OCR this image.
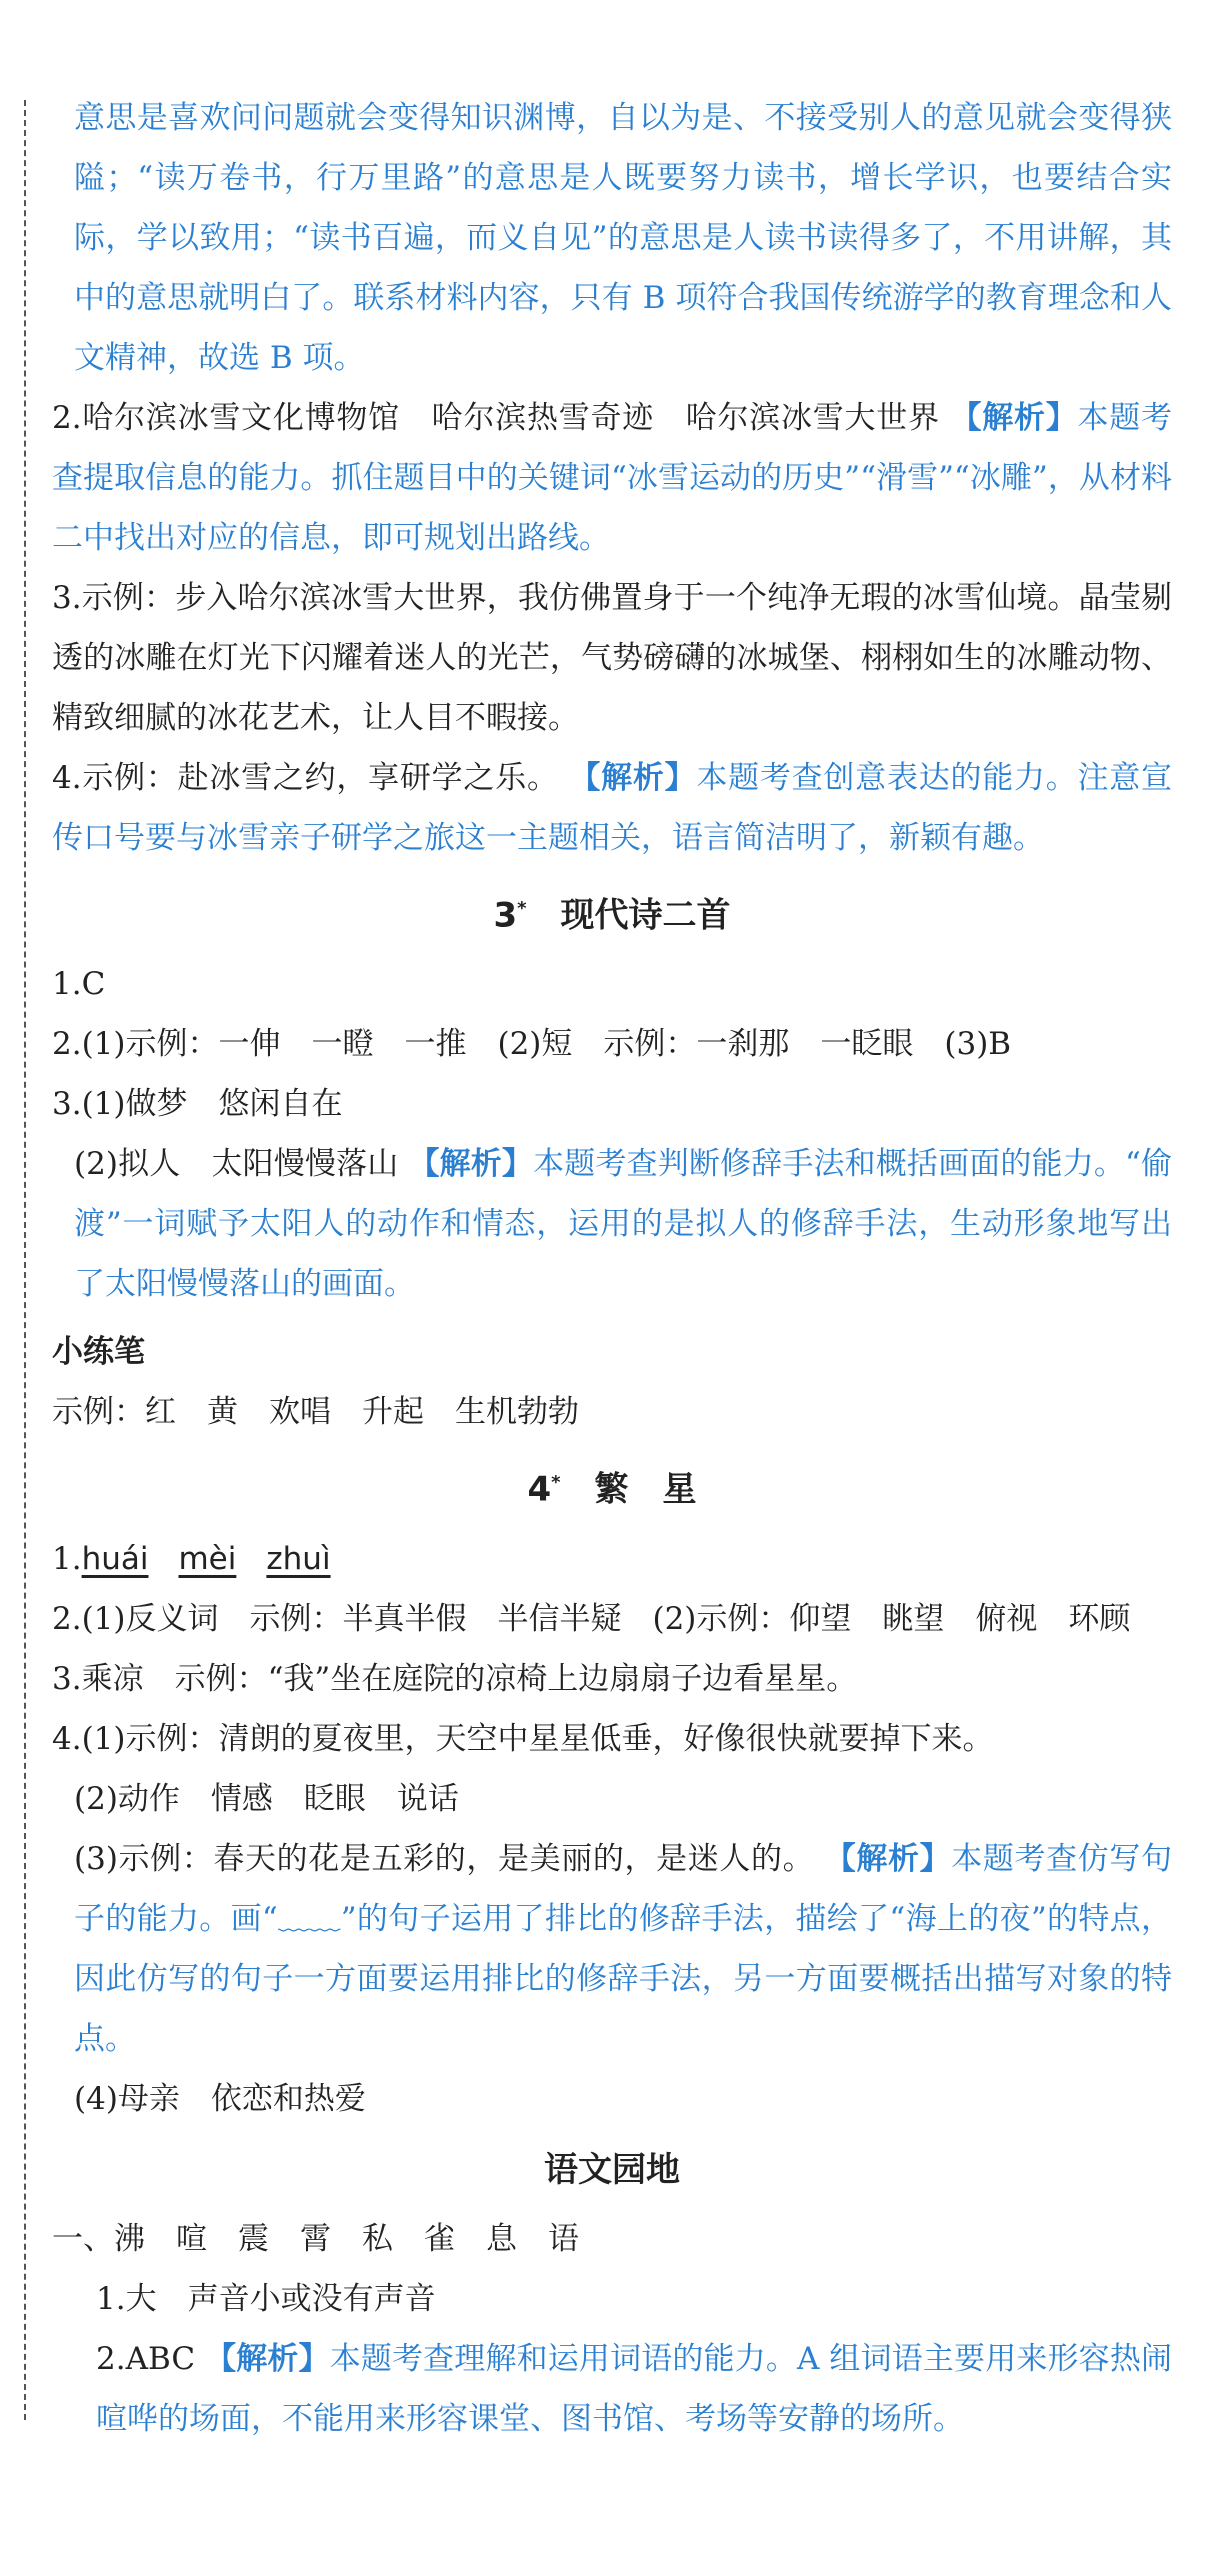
意思是喜欢问问题就会变得知识渊博，自以为是、不接受别人的意见就会变得狭隘；“读万卷书，行万里路”的意思是人既要努力读书，增长学识，也要结合实际，学以致用；“读书百遍，而义自见”的意思是人读书读得多了，不用讲解，其中的意思就明白了。联系材料内容，只有 B 项符合我国传统游学的教育理念和人文精神，故选 B 项。

2.哈尔滨冰雪文化博物馆　哈尔滨热雪奇迹　哈尔滨冰雪大世界 【解析】本题考查提取信息的能力。抓住题目中的关键词“冰雪运动的历史”“滑雪”“冰雕”，从材料二中找出对应的信息，即可规划出路线。

3.示例：步入哈尔滨冰雪大世界，我仿佛置身于一个纯净无瑕的冰雪仙境。晶莹剔透的冰雕在灯光下闪耀着迷人的光芒，气势磅礴的冰城堡、栩栩如生的冰雕动物、精致细腻的冰花艺术，让人目不暇接。

4.示例：赴冰雪之约，享研学之乐。 【解析】本题考查创意表达的能力。注意宣传口号要与冰雪亲子研学之旅这一主题相关，语言简洁明了，新颖有趣。

3*　 现代诗二首

1.C

2.(1)示例：一伸　一瞪　一推　(2)短　示例：一刹那　一眨眼　(3)B

3.(1)做梦　悠闲自在

(2)拟人　太阳慢慢落山 【解析】本题考查判断修辞手法和概括画面的能力。“偷渡”一词赋予太阳人的动作和情态，运用的是拟人的修辞手法，生动形象地写出了太阳慢慢落山的画面。

小练笔

示例：红　黄　欢唱　升起　生机勃勃

4*　 繁　星

1.huái mèi zhuì

2.(1)反义词　示例：半真半假　半信半疑　(2)示例：仰望　眺望　俯视　环顾

3.乘凉　示例：“我”坐在庭院的凉椅上边扇扇子边看星星。

4.(1)示例：清朗的夏夜里，天空中星星低垂，好像很快就要掉下来。

(2)动作　情感　眨眼　说话

(3)示例：春天的花是五彩的，是美丽的，是迷人的。 【解析】本题考查仿写句子的能力。画“﹏﹏”的句子运用了排比的修辞手法，描绘了“海上的夜”的特点，因此仿写的句子一方面要运用排比的修辞手法，另一方面要概括出描写对象的特点。

(4)母亲　依恋和热爱

语文园地

一、沸　喧　震　霄　私　雀　息　语

1.大　声音小或没有声音

2.ABC 【解析】本题考查理解和运用词语的能力。A 组词语主要用来形容热闹喧哗的场面，不能用来形容课堂、图书馆、考场等安静的场所。
